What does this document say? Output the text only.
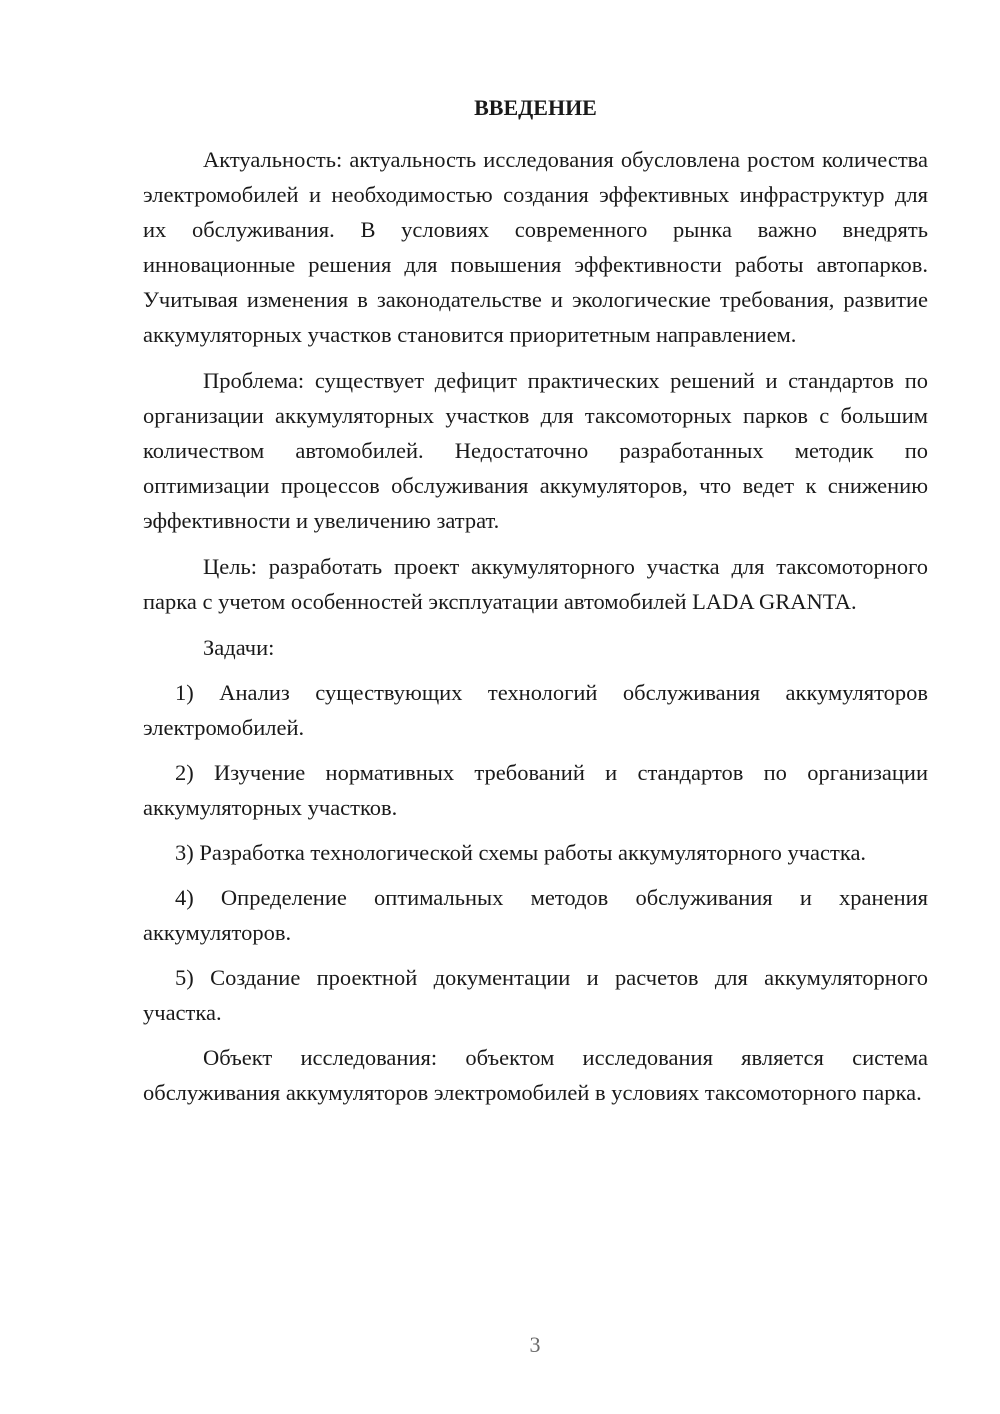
ВВЕДЕНИЕ

Актуальность: актуальность исследования обусловлена ростом количества электромобилей и необходимостью создания эффективных инфраструктур для их обслуживания. В условиях современного рынка важно внедрять инновационные решения для повышения эффективности работы автопарков. Учитывая изменения в законодательстве и экологические требования, развитие аккумуляторных участков становится приоритетным направлением.

Проблема: существует дефицит практических решений и стандартов по организации аккумуляторных участков для таксомоторных парков с большим количеством автомобилей. Недостаточно разработанных методик по оптимизации процессов обслуживания аккумуляторов, что ведет к снижению эффективности и увеличению затрат.

Цель: разработать проект аккумуляторного участка для таксомоторного парка с учетом особенностей эксплуатации автомобилей LADA GRANTA.

Задачи:

1) Анализ существующих технологий обслуживания аккумуляторов электромобилей.

2) Изучение нормативных требований и стандартов по организации аккумуляторных участков.

3) Разработка технологической схемы работы аккумуляторного участка.

4) Определение оптимальных методов обслуживания и хранения аккумуляторов.

5) Создание проектной документации и расчетов для аккумуляторного участка.

Объект исследования: объектом исследования является система обслуживания аккумуляторов электромобилей в условиях таксомоторного парка.

3
